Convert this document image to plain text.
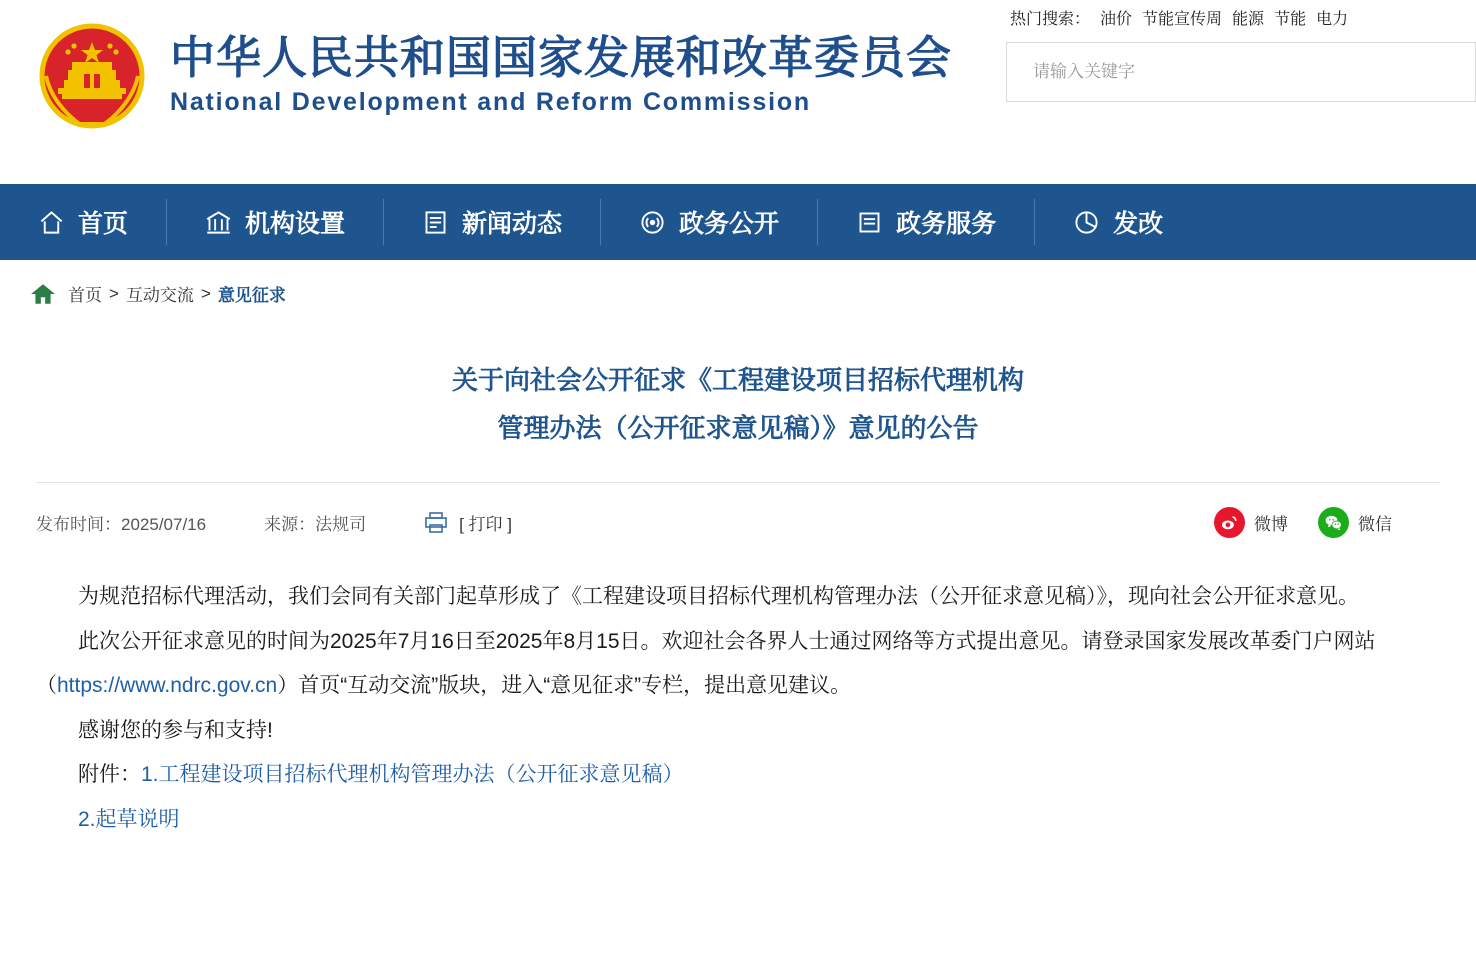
中华人民共和国国家发展和改革委员会
National Development and Reform Commission
热门搜索： 油价 节能宣传周 能源 节能 电力
请输入关键字
首页	机构设置	新闻动态	政务公开	政务服务	发改
首页 > 互动交流 > 意见征求
关于向社会公开征求《工程建设项目招标代理机构
管理办法（公开征求意见稿）》意见的公告
发布时间：2025/07/16	来源：法规司	[ 打印 ]	微博	微信

为规范招标代理活动，我们会同有关部门起草形成了《工程建设项目招标代理机构管理办法（公开征求意见稿）》，现向社会公开征求意见。

此次公开征求意见的时间为2025年7月16日至2025年8月15日。欢迎社会各界人士通过网络等方式提出意见。请登录国家发展改革委门户网站（https://www.ndrc.gov.cn）首页“互动交流”版块，进入“意见征求”专栏，提出意见建议。

感谢您的参与和支持!

附件：1.工程建设项目招标代理机构管理办法（公开征求意见稿）

2.起草说明
